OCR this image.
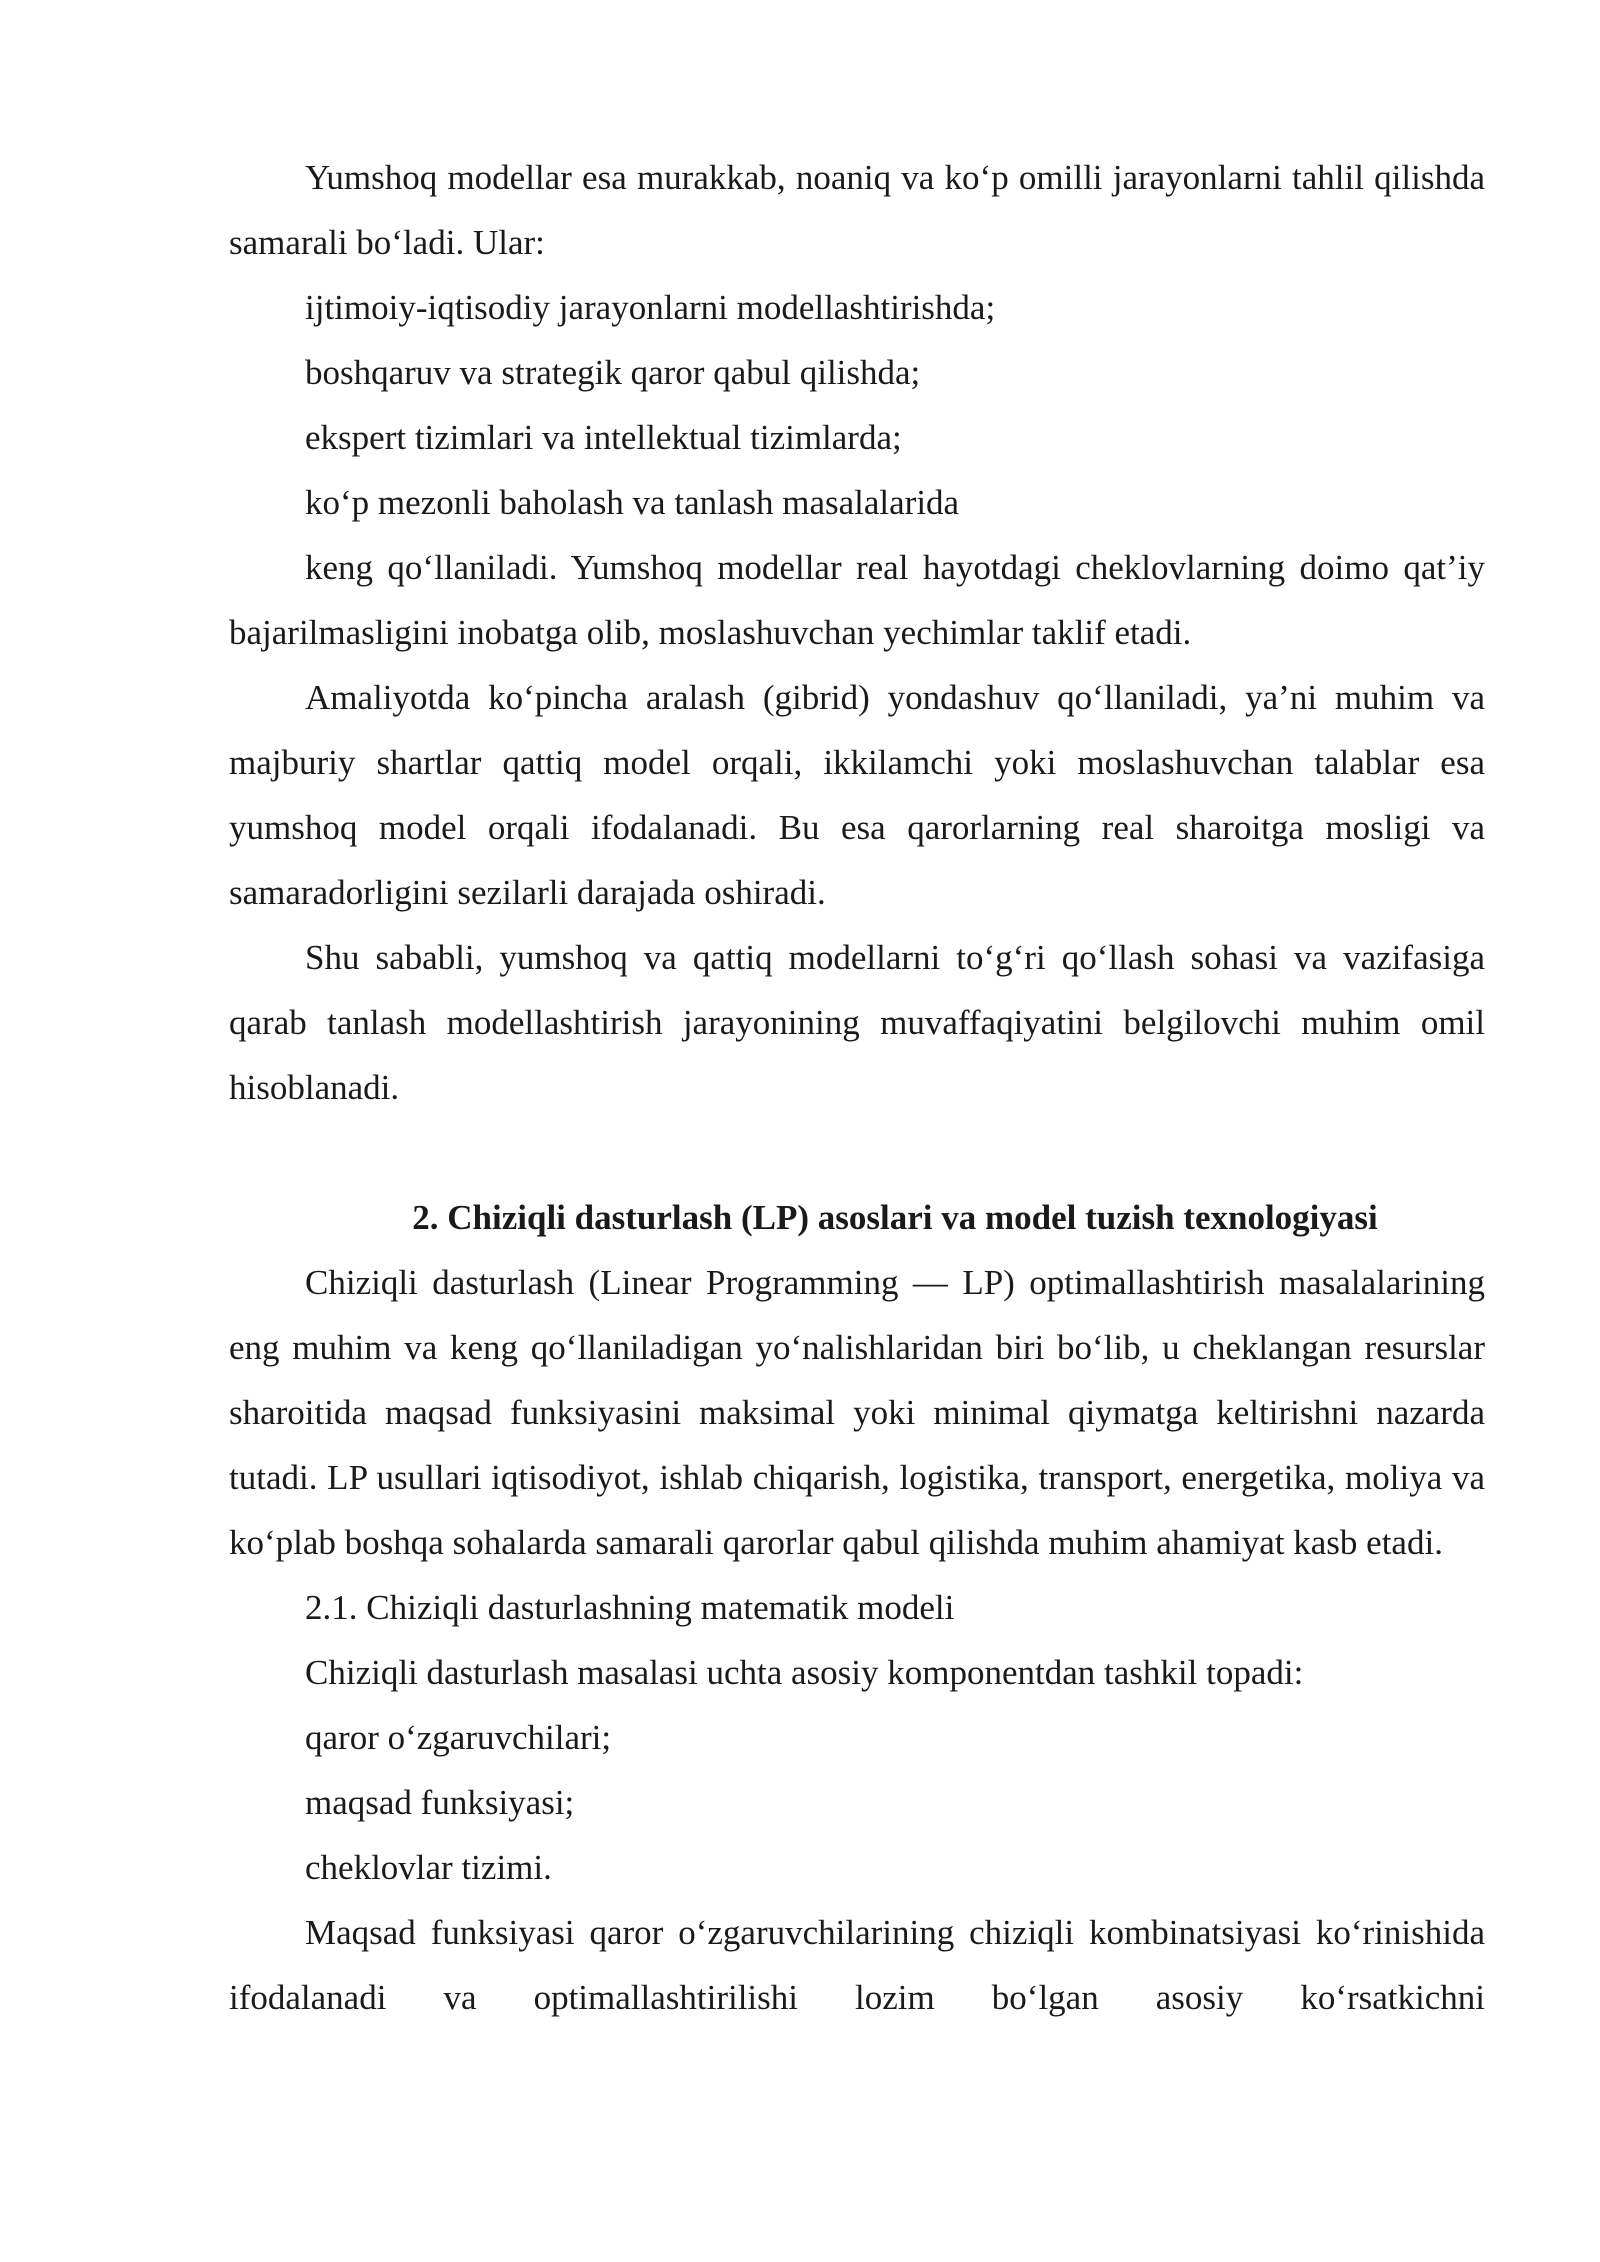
Yumshoq modellar esa murakkab, noaniq va ko‘p omilli jarayonlarni tahlil qilishda samarali bo‘ladi. Ular:

ijtimoiy-iqtisodiy jarayonlarni modellashtirishda;

boshqaruv va strategik qaror qabul qilishda;

ekspert tizimlari va intellektual tizimlarda;

ko‘p mezonli baholash va tanlash masalalarida

keng qo‘llaniladi. Yumshoq modellar real hayotdagi cheklovlarning doimo qat’iy bajarilmasligini inobatga olib, moslashuvchan yechimlar taklif etadi.

Amaliyotda ko‘pincha aralash (gibrid) yondashuv qo‘llaniladi, ya’ni muhim va majburiy shartlar qattiq model orqali, ikkilamchi yoki moslashuvchan talablar esa yumshoq model orqali ifodalanadi. Bu esa qarorlarning real sharoitga mosligi va samaradorligini sezilarli darajada oshiradi.

Shu sababli, yumshoq va qattiq modellarni to‘g‘ri qo‘llash sohasi va vazifasiga qarab tanlash modellashtirish jarayonining muvaffaqiyatini belgilovchi muhim omil hisoblanadi.

2. Chiziqli dasturlash (LP) asoslari va model tuzish texnologiyasi

Chiziqli dasturlash (Linear Programming — LP) optimallashtirish masalalarining eng muhim va keng qo‘llaniladigan yo‘nalishlaridan biri bo‘lib, u cheklangan resurslar sharoitida maqsad funksiyasini maksimal yoki minimal qiymatga keltirishni nazarda tutadi. LP usullari iqtisodiyot, ishlab chiqarish, logistika, transport, energetika, moliya va ko‘plab boshqa sohalarda samarali qarorlar qabul qilishda muhim ahamiyat kasb etadi.

2.1. Chiziqli dasturlashning matematik modeli

Chiziqli dasturlash masalasi uchta asosiy komponentdan tashkil topadi:

qaror o‘zgaruvchilari;

maqsad funksiyasi;

cheklovlar tizimi.

Maqsad funksiyasi qaror o‘zgaruvchilarining chiziqli kombinatsiyasi ko‘rinishida ifodalanadi va optimallashtirilishi lozim bo‘lgan asosiy ko‘rsatkichni
